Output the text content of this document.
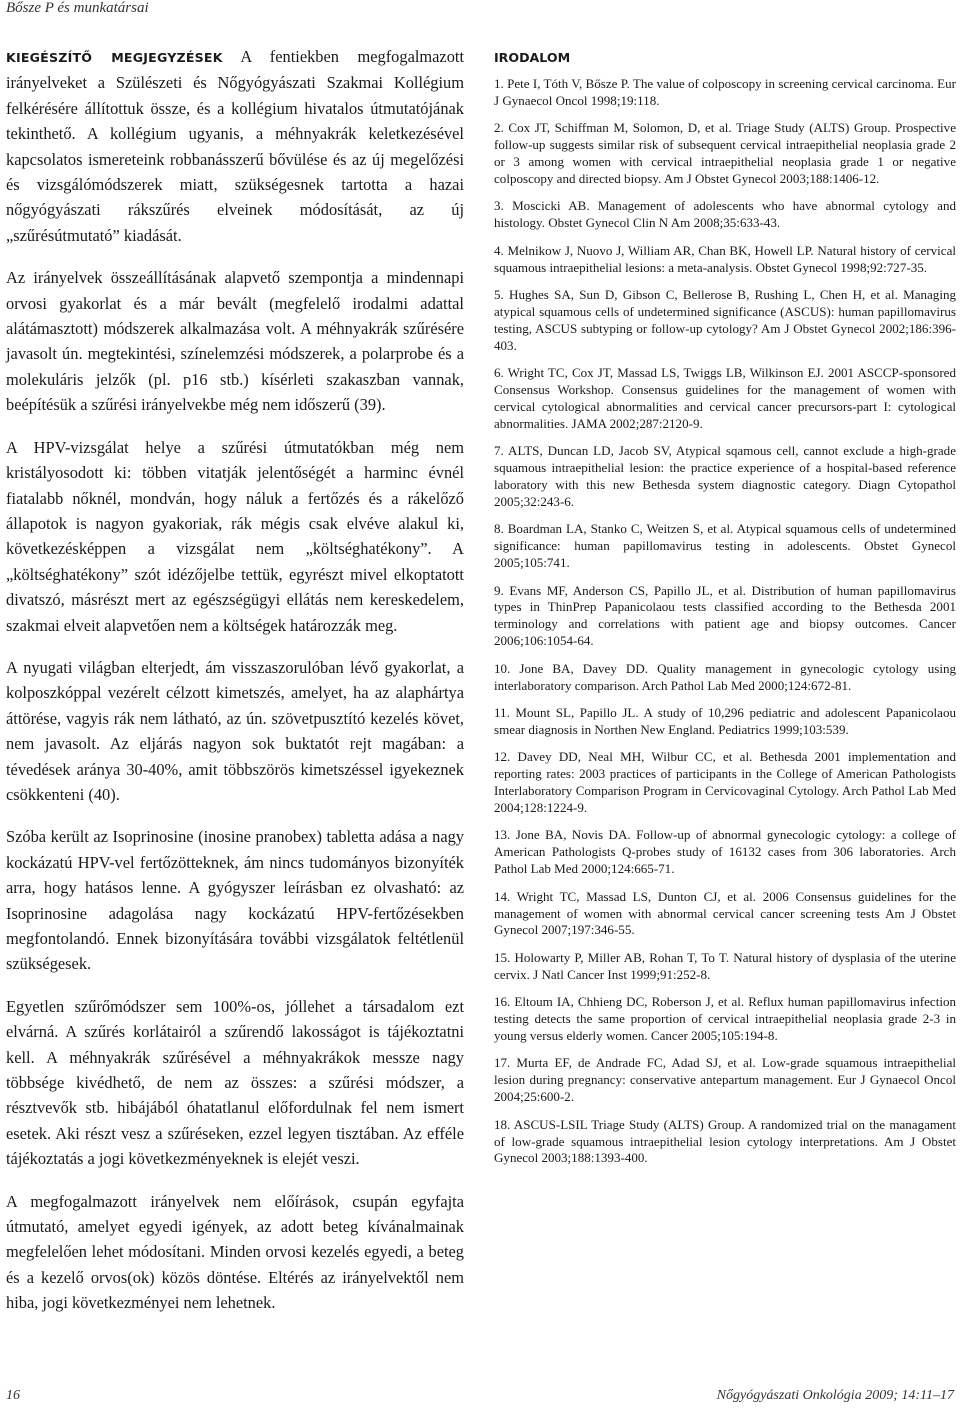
Bősze P és munkatársai

KIEGÉSZÍTŐ MEGJEGYZÉSEK A fentiekben megfogalmazott irányelveket a Szülészeti és Nőgyógyászati Szakmai Kollégium felkérésére állítottuk össze, és a kollégium hivatalos útmutatójának tekinthető. A kollégium ugyanis, a méhnyakrák keletkezésével kapcsolatos ismereteink robbanásszerű bővülése és az új megelőzési és vizsgálómódszerek miatt, szükségesnek tartotta a hazai nőgyógyászati rákszűrés elveinek módosítását, az új „szűrésútmutató” kiadását.

Az irányelvek összeállításának alapvető szempontja a mindennapi orvosi gyakorlat és a már bevált (megfelelő irodalmi adattal alátámasztott) módszerek alkalmazása volt. A méhnyakrák szűrésére javasolt ún. megtekintési, színelemzési módszerek, a polarprobe és a molekuláris jelzők (pl. p16 stb.) kísérleti szakaszban vannak, beépítésük a szűrési irányelvekbe még nem időszerű (39).

A HPV-vizsgálat helye a szűrési útmutatókban még nem kristályosodott ki: többen vitatják jelentőségét a harminc évnél fiatalabb nőknél, mondván, hogy náluk a fertőzés és a rákelőző állapotok is nagyon gyakoriak, rák mégis csak elvéve alakul ki, következésképpen a vizsgálat nem „költséghatékony”. A „költséghatékony” szót idézőjelbe tettük, egyrészt mivel elkoptatott divatszó, másrészt mert az egészségügyi ellátás nem kereskedelem, szakmai elveit alapvetően nem a költségek határozzák meg.

A nyugati világban elterjedt, ám visszaszorulóban lévő gyakorlat, a kolposzkóppal vezérelt célzott kimetszés, amelyet, ha az alaphártya áttörése, vagyis rák nem látható, az ún. szövetpusztító kezelés követ, nem javasolt. Az eljárás nagyon sok buktatót rejt magában: a tévedések aránya 30-40%, amit többszörös kimetszéssel igyekeznek csökkenteni (40).

Szóba került az Isoprinosine (inosine pranobex) tabletta adása a nagy kockázatú HPV-vel fertőzötteknek, ám nincs tudományos bizonyíték arra, hogy hatásos lenne. A gyógyszer leírásban ez olvasható: az Isoprinosine adagolása nagy kockázatú HPV-fertőzésekben megfontolandó. Ennek bizonyítására további vizsgálatok feltétlenül szükségesek.

Egyetlen szűrőmódszer sem 100%-os, jóllehet a társadalom ezt elvárná. A szűrés korlátairól a szűrendő lakosságot is tájékoztatni kell. A méhnyakrák szűrésével a méhnyakrákok messze nagy többsége kivédhető, de nem az összes: a szűrési módszer, a résztvevők stb. hibájából óhatatlanul előfordulnak fel nem ismert esetek. Aki részt vesz a szűréseken, ezzel legyen tisztában. Az efféle tájékoztatás a jogi következményeknek is elejét veszi.

A megfogalmazott irányelvek nem előírások, csupán egyfajta útmutató, amelyet egyedi igények, az adott beteg kívánalmainak megfelelően lehet módosítani. Minden orvosi kezelés egyedi, a beteg és a kezelő orvos(ok) közös döntése. Eltérés az irányelvektől nem hiba, jogi következményei nem lehetnek.

IRODALOM
1. Pete I, Tóth V, Bősze P. The value of colposcopy in screening cervical carcinoma. Eur J Gynaecol Oncol 1998;19:118.
2. Cox JT, Schiffman M, Solomon, D, et al. Triage Study (ALTS) Group. Prospective follow-up suggests similar risk of subsequent cervical intraepithelial neoplasia grade 2 or 3 among women with cervical intraepithelial neoplasia grade 1 or negative colposcopy and directed biopsy. Am J Obstet Gynecol 2003;188:1406-12.
3. Moscicki AB. Management of adolescents who have abnormal cytology and histology. Obstet Gynecol Clin N Am 2008;35:633-43.
4. Melnikow J, Nuovo J, William AR, Chan BK, Howell LP. Natural history of cervical squamous intraepithelial lesions: a meta-analysis. Obstet Gynecol 1998;92:727-35.
5. Hughes SA, Sun D, Gibson C, Bellerose B, Rushing L, Chen H, et al. Managing atypical squamous cells of undetermined significance (ASCUS): human papillomavirus testing, ASCUS subtyping or follow-up cytology? Am J Obstet Gynecol 2002;186:396-403.
6. Wright TC, Cox JT, Massad LS, Twiggs LB, Wilkinson EJ. 2001 ASCCP-sponsored Consensus Workshop. Consensus guidelines for the management of women with cervical cytological abnormalities and cervical cancer precursors-part I: cytological abnormalities. JAMA 2002;287:2120-9.
7. ALTS, Duncan LD, Jacob SV, Atypical sqamous cell, cannot exclude a high-grade squamous intraepithelial lesion: the practice experience of a hospital-based reference laboratory with this new Bethesda system diagnostic category. Diagn Cytopathol 2005;32:243-6.
8. Boardman LA, Stanko C, Weitzen S, et al. Atypical squamous cells of undetermined significance: human papillomavirus testing in adolescents. Obstet Gynecol 2005;105:741.
9. Evans MF, Anderson CS, Papillo JL, et al. Distribution of human papillomavirus types in ThinPrep Papanicolaou tests classified according to the Bethesda 2001 terminology and correlations with patient age and biopsy outcomes. Cancer 2006;106:1054-64.
10. Jone BA, Davey DD. Quality management in gynecologic cytology using interlaboratory comparison. Arch Pathol Lab Med 2000;124:672-81.
11. Mount SL, Papillo JL. A study of 10,296 pediatric and adolescent Papanicolaou smear diagnosis in Northen New England. Pediatrics 1999;103:539.
12. Davey DD, Neal MH, Wilbur CC, et al. Bethesda 2001 implementation and reporting rates: 2003 practices of participants in the College of American Pathologists Interlaboratory Comparison Program in Cervicovaginal Cytology. Arch Pathol Lab Med 2004;128:1224-9.
13. Jone BA, Novis DA. Follow-up of abnormal gynecologic cytology: a college of American Pathologists Q-probes study of 16132 cases from 306 laboratories. Arch Pathol Lab Med 2000;124:665-71.
14. Wright TC, Massad LS, Dunton CJ, et al. 2006 Consensus guidelines for the management of women with abnormal cervical cancer screening tests Am J Obstet Gynecol 2007;197:346-55.
15. Holowarty P, Miller AB, Rohan T, To T. Natural history of dysplasia of the uterine cervix. J Natl Cancer Inst 1999;91:252-8.
16. Eltoum IA, Chhieng DC, Roberson J, et al. Reflux human papillomavirus infection testing detects the same proportion of cervical intraepithelial neoplasia grade 2-3 in young versus elderly women. Cancer 2005;105:194-8.
17. Murta EF, de Andrade FC, Adad SJ, et al. Low-grade squamous intraepithelial lesion during pregnancy: conservative antepartum management. Eur J Gynaecol Oncol 2004;25:600-2.
18. ASCUS-LSIL Triage Study (ALTS) Group. A randomized trial on the managament of low-grade squamous intraepithelial lesion cytology interpretations. Am J Obstet Gynecol 2003;188:1393-400.
16	Nőgyógyászati Onkológia 2009; 14:11–17
